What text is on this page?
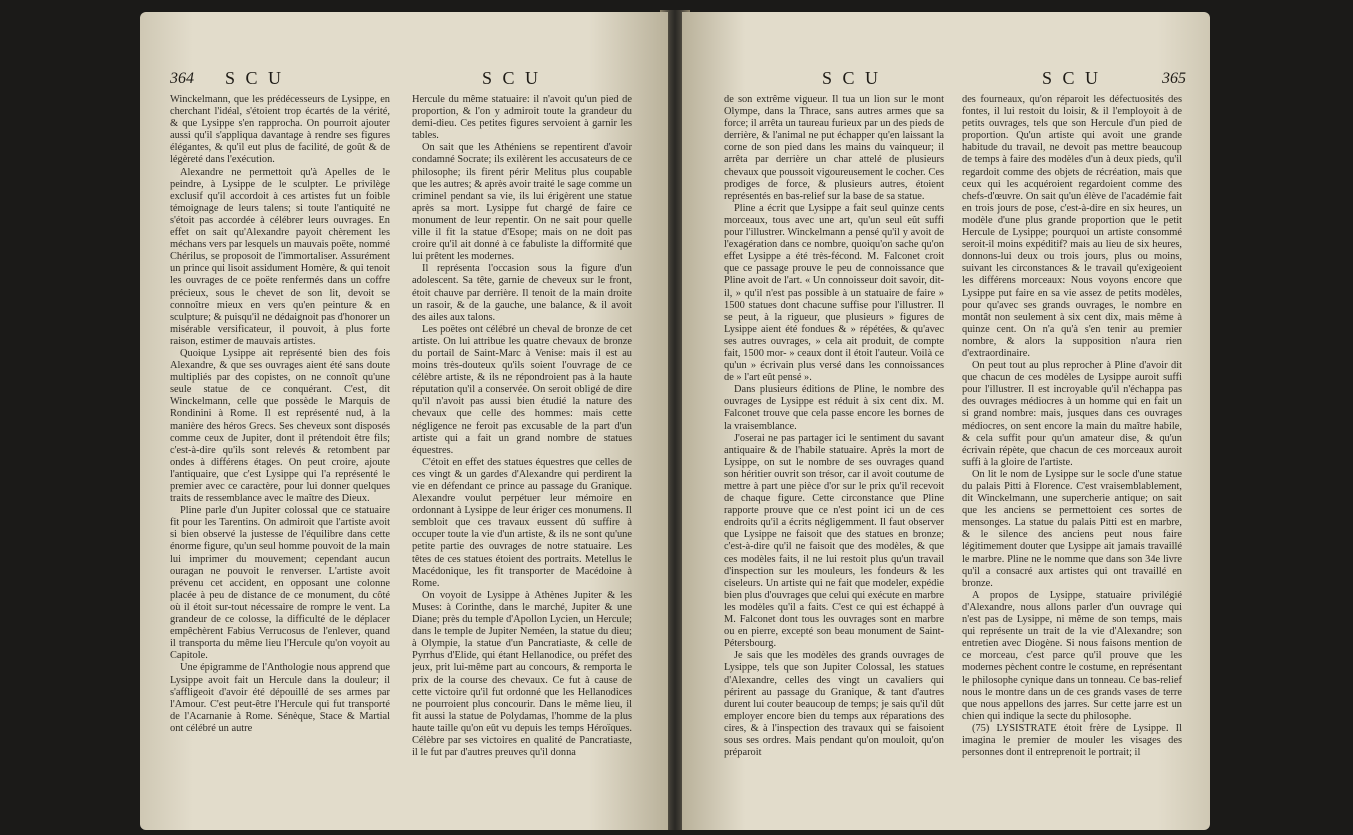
364 S C U	S C U

Winckelmann, que les prédécesseurs de Lysippe, en cherchant l'idéal, s'étoient trop écartés de la vérité, & que Lysippe s'en rapprocha. On pourroit ajouter aussi qu'il s'appliqua davantage à rendre ses figures élégantes, & qu'il eut plus de facilité, de goût & de légèreté dans l'exécution.

Alexandre ne permettoit qu'à Apelles de le peindre, à Lysippe de le sculpter. Le privilège exclusif qu'il accordoit à ces artistes fut un foible témoignage de leurs talens; si toute l'antiquité ne s'étoit pas accordée à célébrer leurs ouvrages. En effet on sait qu'Alexandre payoit chèrement les méchans vers par lesquels un mauvais poëte, nommé Chérilus, se proposoit de l'immortaliser. Assurément un prince qui lisoit assidument Homère, & qui tenoit les ouvrages de ce poëte renfermés dans un coffre précieux, sous le chevet de son lit, devoit se connoître mieux en vers qu'en peinture & en sculpture; & puisqu'il ne dédaignoit pas d'honorer un misérable versificateur, il pouvoit, à plus forte raison, estimer de mauvais artistes.

Quoique Lysippe ait représenté bien des fois Alexandre, & que ses ouvrages aient été sans doute multipliés par des copistes, on ne connoît qu'une seule statue de ce conquérant. C'est, dit Winckelmann, celle que possède le Marquis de Rondinini à Rome. Il est représenté nud, à la manière des héros Grecs. Ses cheveux sont disposés comme ceux de Jupiter, dont il prétendoit être fils; c'est-à-dire qu'ils sont relevés & retombent par ondes à différens étages. On peut croire, ajoute l'antiquaire, que c'est Lysippe qui l'a représenté le premier avec ce caractère, pour lui donner quelques traits de ressemblance avec le maître des Dieux.

Pline parle d'un Jupiter colossal que ce statuaire fit pour les Tarentins. On admiroit que l'artiste avoit si bien observé la justesse de l'équilibre dans cette énorme figure, qu'un seul homme pouvoit de la main lui imprimer du mouvement; cependant aucun ouragan ne pouvoit le renverser. L'artiste avoit prévenu cet accident, en opposant une colonne placée à peu de distance de ce monument, du côté où il étoit sur-tout nécessaire de rompre le vent. La grandeur de ce colosse, la difficulté de le déplacer empêchèrent Fabius Verrucosus de l'enlever, quand il transporta du même lieu l'Hercule qu'on voyoit au Capitole.

Une épigramme de l'Anthologie nous apprend que Lysippe avoit fait un Hercule dans la douleur; il s'affligeoit d'avoir été dépouillé de ses armes par l'Amour. C'est peut-être l'Hercule qui fut transporté de l'Acarnanie à Rome. Sénèque, Stace & Martial ont célébré un autre

Hercule du même statuaire: il n'avoit qu'un pied de proportion, & l'on y admiroit toute la grandeur du demi-dieu. Ces petites figures servoient à garnir les tables.

On sait que les Athéniens se repentirent d'avoir condamné Socrate; ils exilèrent les accusateurs de ce philosophe; ils firent périr Melitus plus coupable que les autres; & après avoir traité le sage comme un criminel pendant sa vie, ils lui érigèrent une statue après sa mort. Lysippe fut chargé de faire ce monument de leur repentir. On ne sait pour quelle ville il fit la statue d'Esope; mais on ne doit pas croire qu'il ait donné à ce fabuliste la difformité que lui prêtent les modernes.

Il représenta l'occasion sous la figure d'un adolescent. Sa tête, garnie de cheveux sur le front, étoit chauve par derrière. Il tenoit de la main droite un rasoir, & de la gauche, une balance, & il avoit des ailes aux talons.

Les poëtes ont célébré un cheval de bronze de cet artiste. On lui attribue les quatre chevaux de bronze du portail de Saint-Marc à Venise: mais il est au moins très-douteux qu'ils soient l'ouvrage de ce célèbre artiste, & ils ne répondroient pas à la haute réputation qu'il a conservée. On seroit obligé de dire qu'il n'avoit pas aussi bien étudié la nature des chevaux que celle des hommes: mais cette négligence ne feroit pas excusable de la part d'un artiste qui a fait un grand nombre de statues équestres.

C'étoit en effet des statues équestres que celles de ces vingt & un gardes d'Alexandre qui perdirent la vie en défendant ce prince au passage du Granique. Alexandre voulut perpétuer leur mémoire en ordonnant à Lysippe de leur ériger ces monumens. Il sembloit que ces travaux eussent dû suffire à occuper toute la vie d'un artiste, & ils ne sont qu'une petite partie des ouvrages de notre statuaire. Les têtes de ces statues étoient des portraits. Metellus le Macédonique, les fit transporter de Macédoine à Rome.

On voyoit de Lysippe à Athènes Jupiter & les Muses: à Corinthe, dans le marché, Jupiter & une Diane; près du temple d'Apollon Lycien, un Hercule; dans le temple de Jupiter Neméen, la statue du dieu; à Olympie, la statue d'un Pancratiaste, & celle de Pyrrhus d'Elide, qui étant Hellanodice, ou préfet des jeux, prit lui-même part au concours, & remporta le prix de la course des chevaux. Ce fut à cause de cette victoire qu'il fut ordonné que les Hellanodices ne pourroient plus concourir. Dans le même lieu, il fit aussi la statue de Polydamas, l'homme de la plus haute taille qu'on eût vu depuis les temps Héroïques. Célèbre par ses victoires en qualité de Pancratiaste, il le fut par d'autres preuves qu'il donna

S C U	S C U	365

de son extrême vigueur. Il tua un lion sur le mont Olympe, dans la Thrace, sans autres armes que sa force; il arrêta un taureau furieux par un des pieds de derrière, & l'animal ne put échapper qu'en laissant la corne de son pied dans les mains du vainqueur; il arrêta par derrière un char attelé de plusieurs chevaux que poussoit vigoureusement le cocher. Ces prodiges de force, & plusieurs autres, étoient représentés en bas-relief sur la base de sa statue.

Pline a écrit que Lysippe a fait seul quinze cents morceaux, tous avec une art, qu'un seul eût suffi pour l'illustrer. Winckelmann a pensé qu'il y avoit de l'exagération dans ce nombre, quoiqu'on sache qu'on effet Lysippe a été très-fécond. M. Falconet croit que ce passage prouve le peu de connoissance que Pline avoit de l'art. « Un connoisseur doit savoir, dit-il, » qu'il n'est pas possible à un statuaire de faire » 1500 statues dont chacune suffise pour l'illustrer. Il se peut, à la rigueur, que plusieurs » figures de Lysippe aient été fondues & » répétées, & qu'avec ses autres ouvrages, » cela ait produit, de compte fait, 1500 mor- » ceaux dont il étoit l'auteur. Voilà ce qu'un » écrivain plus versé dans les connoissances de » l'art eût pensé ».

Dans plusieurs éditions de Pline, le nombre des ouvrages de Lysippe est réduit à six cent dix. M. Falconet trouve que cela passe encore les bornes de la vraisemblance.

J'oserai ne pas partager ici le sentiment du savant antiquaire & de l'habile statuaire. Après la mort de Lysippe, on sut le nombre de ses ouvrages quand son héritier ouvrit son trésor, car il avoit coutume de mettre à part une pièce d'or sur le prix qu'il recevoit de chaque figure. Cette circonstance que Pline rapporte prouve que ce n'est point ici un de ces endroits qu'il a écrits négligemment. Il faut observer que Lysippe ne faisoit que des statues en bronze; c'est-à-dire qu'il ne faisoit que des modèles, & que ces modèles faits, il ne lui restoit plus qu'un travail d'inspection sur les mouleurs, les fondeurs & les ciseleurs. Un artiste qui ne fait que modeler, expédie bien plus d'ouvrages que celui qui exécute en marbre les modèles qu'il a faits. C'est ce qui est échappé à M. Falconet dont tous les ouvrages sont en marbre ou en pierre, excepté son beau monument de Saint-Pétersbourg.

Je sais que les modèles des grands ouvrages de Lysippe, tels que son Jupiter Colossal, les statues d'Alexandre, celles des vingt un cavaliers qui périrent au passage du Granique, & tant d'autres durent lui couter beaucoup de temps; je sais qu'il dût employer encore bien du temps aux réparations des cires, & à l'inspection des travaux qui se faisoient sous ses ordres. Mais pendant qu'on mouloit, qu'on préparoit

des fourneaux, qu'on réparoit les défectuosités des fontes, il lui restoit du loisir, & il l'employoit à de petits ouvrages, tels que son Hercule d'un pied de proportion. Qu'un artiste qui avoit une grande habitude du travail, ne devoit pas mettre beaucoup de temps à faire des modèles d'un à deux pieds, qu'il regardoit comme des objets de récréation, mais que ceux qui les acquéroient regardoient comme des chefs-d'œuvre. On sait qu'un élève de l'académie fait en trois jours de pose, c'est-à-dire en six heures, un modèle d'une plus grande proportion que le petit Hercule de Lysippe; pourquoi un artiste consommé seroit-il moins expéditif? mais au lieu de six heures, donnons-lui deux ou trois jours, plus ou moins, suivant les circonstances & le travail qu'exigeoient les différens morceaux: Nous voyons encore que Lysippe put faire en sa vie assez de petits modèles, pour qu'avec ses grands ouvrages, le nombre en montât non seulement à six cent dix, mais même à quinze cent. On n'a qu'à s'en tenir au premier nombre, & alors la supposition n'aura rien d'extraordinaire.

On peut tout au plus reprocher à Pline d'avoir dit que chacun de ces modèles de Lysippe auroit suffi pour l'illustrer. Il est incroyable qu'il n'échappa pas des ouvrages médiocres à un homme qui en fait un si grand nombre: mais, jusques dans ces ouvrages médiocres, on sent encore la main du maître habile, & cela suffit pour qu'un amateur dise, & qu'un écrivain répète, que chacun de ces morceaux auroit suffi à la gloire de l'artiste.

On lit le nom de Lysippe sur le socle d'une statue du palais Pitti à Florence. C'est vraisemblablement, dit Winckelmann, une supercherie antique; on sait que les anciens se permettoient ces sortes de mensonges. La statue du palais Pitti est en marbre, & le silence des anciens peut nous faire légitimement douter que Lysippe ait jamais travaillé le marbre. Pline ne le nomme que dans son 34e livre qu'il a consacré aux artistes qui ont travaillé en bronze.

A propos de Lysippe, statuaire privilégié d'Alexandre, nous allons parler d'un ouvrage qui n'est pas de Lysippe, ni même de son temps, mais qui représente un trait de la vie d'Alexandre; son entretien avec Diogène. Si nous faisons mention de ce morceau, c'est parce qu'il prouve que les modernes pèchent contre le costume, en représentant le philosophe cynique dans un tonneau. Ce bas-relief nous le montre dans un de ces grands vases de terre que nous appellons des jarres. Sur cette jarre est un chien qui indique la secte du philosophe.

(75) LYSISTRATE étoit frère de Lysippe. Il imagina le premier de mouler les visages des personnes dont il entreprenoit le portrait; il
